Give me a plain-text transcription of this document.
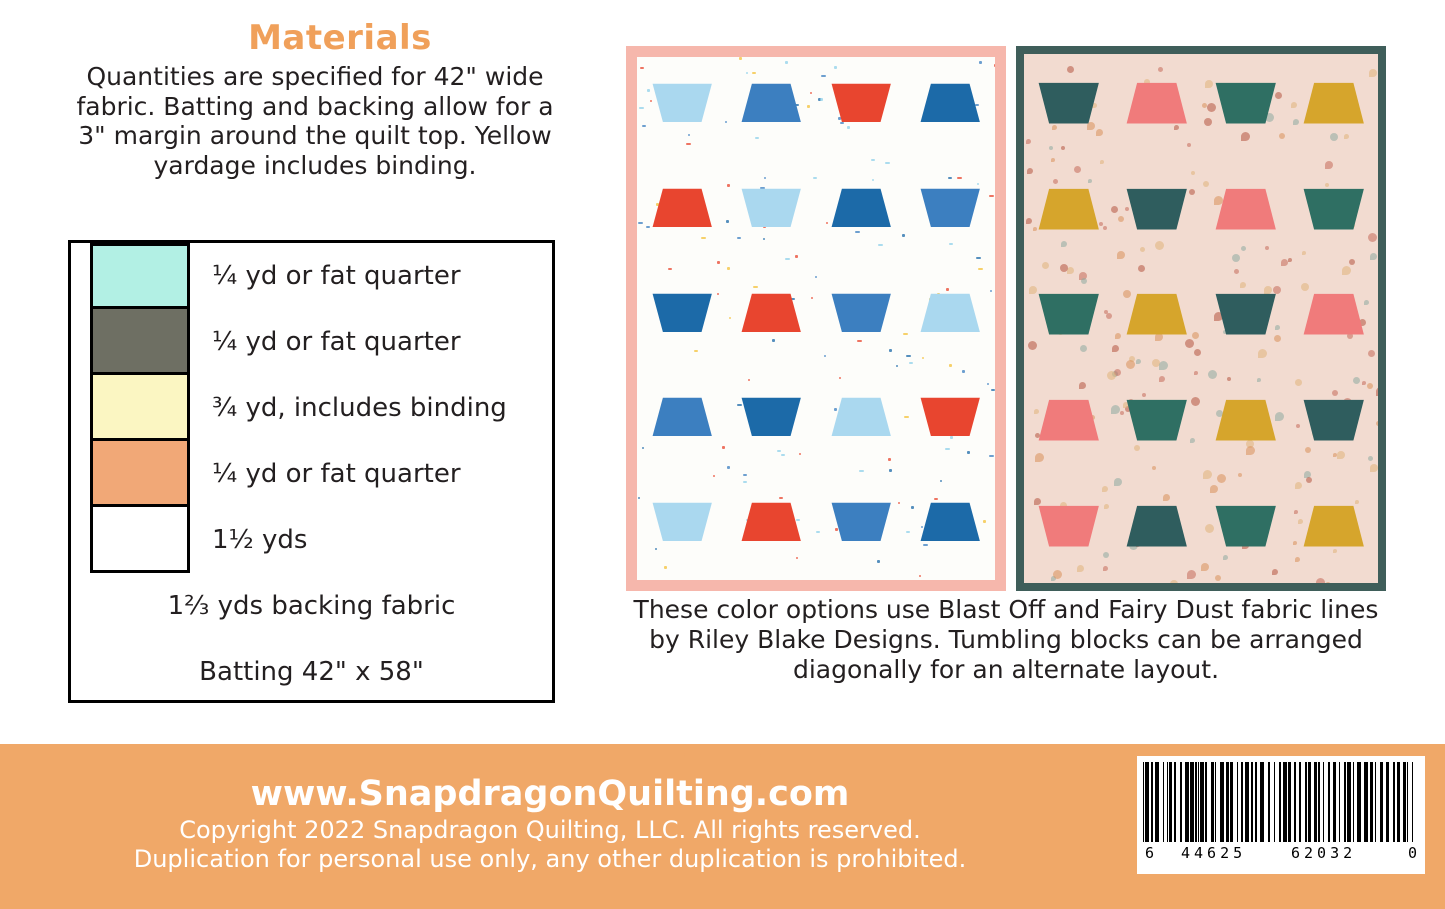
Materials
Quantities are specified for 42" wide fabric. Batting and backing allow for a 3" margin around the quilt top. Yellow yardage includes binding.
¼ yd or fat quarter
¼ yd or fat quarter
¾ yd, includes binding
¼ yd or fat quarter
1½ yds
1⅔ yds backing fabric
Batting 42" x 58"
These color options use Blast Off and Fairy Dust fabric lines by Riley Blake Designs. Tumbling blocks can be arranged diagonally for an alternate layout.
www.SnapdragonQuilting.com
Copyright 2022 Snapdragon Quilting, LLC. All rights reserved.
Duplication for personal use only, any other duplication is prohibited.	6 44625	62032	0
